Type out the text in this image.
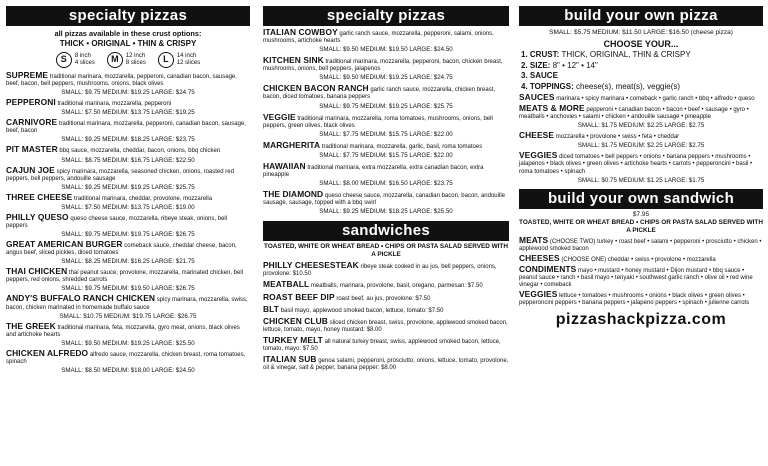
specialty pizzas
all pizzas available in these crust options:
THICK • ORIGINAL • THIN & CRISPY
S	8 inch
4 slices	M	12 inch
8 slices	L	14 inch
12 slices
SUPREME traditional marinara, mozzarella, pepperoni, canadian bacon, sausage, beef, bacon, bell peppers, mushrooms, onions, black olives
SMALL: $9.75 MEDIUM: $19.25 LARGE: $24.75
PEPPERONI traditional marinara, mozzarella, pepperoni
SMALL: $7.50 MEDIUM: $13.75 LARGE: $19.25
CARNIVORE traditional marinara, mozzarella, pepperoni, canadian bacon, sausage, beef, bacon
SMALL: $9.25 MEDIUM: $18.25 LARGE: $23.75
PIT MASTER bbq sauce, mozzarella, cheddar, bacon, onions, bbq chicken
SMALL: $8.75 MEDIUM: $16.75 LARGE: $22.50
CAJUN JOE spicy marinara, mozzarella, seasoned chicken, onions, roasted red peppers, bell peppers, andouille sausage
SMALL: $9.25 MEDIUM: $19.25 LARGE: $25.75
THREE CHEESE traditional marinara, cheddar, provolone, mozzarella
SMALL: $7.50 MEDIUM: $13.75 LARGE: $19.00
PHILLY QUESO queso cheese sauce, mozzarella, ribeye steak, onions, bell peppers
SMALL: $9.75 MEDIUM: $19.75 LARGE: $26.75
GREAT AMERICAN BURGER comeback sauce, cheddar cheese, bacon, angus beef, sliced pickles, diced tomatoes
SMALL: $8.25 MEDIUM: $16.25 LARGE: $21.75
THAI CHICKEN thai peanut sauce, provolone, mozzarella, marinated chicken, bell peppers, red onions, shredded carrots
SMALL: $9.75 MEDIUM: $19.50 LARGE: $26.75
ANDY'S BUFFALO RANCH CHICKEN spicy marinara, mozzarella, swiss, bacon, chicken marinated in homemade buffalo sauce
SMALL: $10.75 MEDIUM: $19.75 LARGE: $26.75
THE GREEK traditional marinara, feta, mozzarella, gyro meat, onions, black olives and artichoke hearts
SMALL: $9.50 MEDIUM: $19.25 LARGE: $25.50
CHICKEN ALFREDO alfredo sauce, mozzarella, chicken breast, roma tomatoes, spinach
SMALL: $8.50 MEDIUM: $18.00 LARGE: $24.50
specialty pizzas
ITALIAN COWBOY garlic ranch sauce, mozzarella, pepperoni, salami, onions, mushrooms, artichoke hearts
SMALL: $9.50 MEDIUM: $19.50 LARGE: $24.50
KITCHEN SINK traditional marinara, mozzarella, pepperoni, bacon, chicken breast, mushrooms, onions, bell peppers, jalapenos
SMALL: $9.50 MEDIUM: $19.25 LARGE: $24.75
CHICKEN BACON RANCH garlic ranch sauce, mozzarella, chicken breast, bacon, diced tomatoes, banana peppers
SMALL: $9.75 MEDIUM: $19.25 LARGE: $25.75
VEGGIE traditional marinara, mozzarella, roma tomatoes, mushrooms, onions, bell peppers, green olives, black olives
SMALL: $7.75 MEDIUM: $15.75 LARGE: $22.00
MARGHERITA traditional marinara, mozzarella, garlic, basil, roma tomatoes
SMALL: $7.75 MEDIUM: $15.75 LARGE: $22.00
HAWAIIAN traditional marinara, extra mozzarella, extra canadian bacon, extra pineapple
SMALL: $8.00 MEDIUM: $16.50 LARGE: $23.75
THE DIAMOND queso cheese sauce, mozzarella, canadian bacon, bacon, andouille sausage, sausage, topped with a bbq swirl
SMALL: $9.25 MEDIUM: $18.25 LARGE: $25.50
sandwiches
TOASTED, WHITE OR WHEAT BREAD • CHIPS OR PASTA SALAD SERVED WITH A PICKLE
PHILLY CHEESESTEAK ribeye steak cooked in au jus, bell peppers, onions, provolone: $10.50
MEATBALL meatballs, marinara, provolone, basil, oregano, parmesan: $7.50
ROAST BEEF DIP roast beef, au jus, provolone: $7.50
BLT basil mayo, applewood smoked bacon, lettuce, tomato: $7.50
CHICKEN CLUB sliced chicken breast, swiss, provolone, applewood smoked bacon, lettuce, tomato, mayo, honey mustard: $8.00
TURKEY MELT all natural turkey breast, swiss, applewood smoked bacon, lettuce, tomato, mayo: $7.50
ITALIAN SUB genoa salami, pepperoni, prosciutto, onions, lettuce, tomato, provolone, oil & vinegar, salt & pepper, banana pepper: $8.00
build your own pizza
SMALL: $5.75 MEDIUM: $11.50 LARGE: $16.50 (cheese pizza)
CHOOSE YOUR...
1. CRUST: THICK, ORIGINAL, THIN & CRISPY
2. SIZE: 8" • 12" • 14"
3. SAUCE
4. TOPPINGS: cheese(s), meat(s), veggie(s)
SAUCES marinara • spicy marinara • comeback • garlic ranch • bbq • alfredo • queso
MEATS & MORE pepperoni • canadian bacon • bacon • beef • sausage • gyro • meatballs • anchovies • salami • chicken • andouille sausage • pineapple
SMALL: $1.75 MEDIUM: $2.25 LARGE: $2.75
CHEESE mozzarella • provolone • swiss • feta • cheddar
SMALL: $1.75 MEDIUM: $2.25 LARGE: $2.75
VEGGIES diced tomatoes • bell peppers • onions • banana peppers • mushrooms • jalapenos • black olives • green olives • artichoke hearts • carrots • pepperoncini • basil • roma tomatoes • spinach
SMALL: $0.75 MEDIUM: $1.25 LARGE: $1.75
build your own sandwich
$7.95
TOASTED, WHITE OR WHEAT BREAD • CHIPS OR PASTA SALAD SERVED WITH A PICKLE
MEATS (CHOOSE TWO) turkey • roast beef • salami • pepperoni • prosciutto • chicken • applewood smoked bacon
CHEESES (CHOOSE ONE) cheddar • swiss • provolone • mozzarella
CONDIMENTS mayo • mustard • honey mustard • Dijon mustard • bbq sauce • peanut sauce • ranch • basil mayo • teriyaki • southwest garlic ranch • olive oil • red wine vinegar • comeback
VEGGIES lettuce • tomatoes • mushrooms • onions • black olives • green olives • pepperoncini peppers • banana peppers • jalapeno peppers • spinach • julienne carrots
pizzashackpizza.com
